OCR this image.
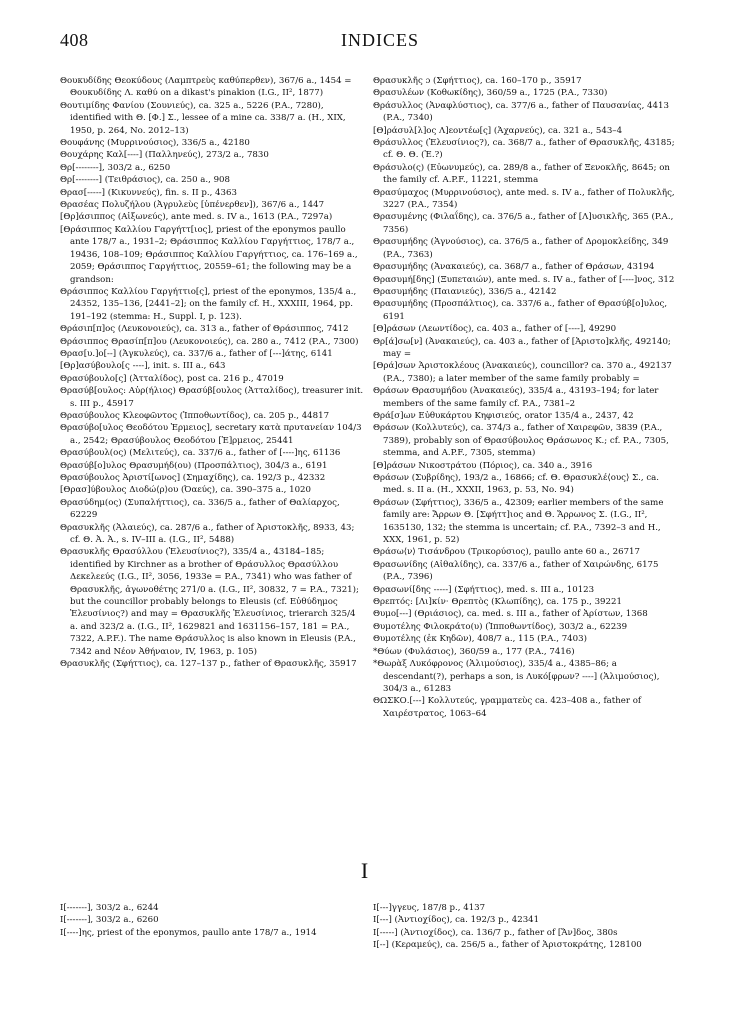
408	INDICES

Θουκυδίδης Θεοκύδους (Λαμπτρεὺς καθύπερθεν), 367/6 a., 1454 = Θουκυδίδης Λ. καθύ on a dikast's pinakion (I.G., II², 1877)

Θουτιμίδης Φανίου (Σουνιεύς), ca. 325 a., 5226 (P.A., 7280), identified with Θ. [Φ.] Σ., lessee of a mine ca. 338/7 a. (H., XIX, 1950, p. 264, No. 2012–13)

Θουφάνης (Μυρρινούσιος), 336/5 a., 42180

Θουχάρης Καλ[----] (Παλληνεύς), 273/2 a., 7830

Θρ[--------], 303/2 a., 6250

Θρ[--------] (Τειθράσιος), ca. 250 a., 908

Θρασ[-----] (Κικυννεύς), fin. s. II p., 4363

Θρασέας Πολυζήλου (Ἀγρυλεὺς [ὑπένερθεν]), 367/6 a., 1447

[Θρ]άσιππος (Αἰξωνεύς), ante med. s. IV a., 1613 (P.A., 7297a)

[Θράσιππος Καλλίου Γαργήττ[ιος], priest of the eponymos paullo ante 178/7 a., 1931–2; Θράσιππος Καλλίου Γαργήττιος, 178/7 a., 19436, 108–109; Θράσιππος Καλλίου Γαργήττιος, ca. 176–169 a., 2059; Θράσιππος Γαργήττιος, 20559–61; the following may be a grandson:

Θράσιππος Καλλίου Γαργήττιο[ς], priest of the eponymos, 135/4 a., 24352, 135–136, [2441–2]; on the family cf. H., XXXIII, 1964, pp. 191–192 (stemma: H., Suppl. I, p. 123).

Θράσιπ[π]ος (Λευκονοιεύς), ca. 313 a., father of Θράσιππος, 7412

Θράσιππος Θρασίπ[π]ου (Λευκονοιεύς), ca. 280 a., 7412 (P.A., 7300)

Θρασ[υ.]ο[--] (Ἀγκυλεύς), ca. 337/6 a., father of [---]άτης, 6141

[Θρ]ασύβουλο[ς ----], init. s. III a., 643

Θρασύβουλο[ς] (Ἀτταλίδος), post ca. 216 p., 47019

Θρασύβ[ουλος: Αὐρ(ήλιος) Θρασύβ[ουλος (Ἀτταλίδος), treasurer init. s. III p., 45917

Θρασύβουλος Κλεοφῶντος (Ἱπποθωντίδος), ca. 205 p., 44817

Θρασύβο[υλος Θεοδότου Ἑρμειος], secretary κατὰ πρυτανείαν 104/3 a., 2542; Θρασύβουλος Θεοδότου [Ἑ]ρμειος, 25441

Θρασύβουλ(ος) (Μελιτεύς), ca. 337/6 a., father of [----]ης, 61136

Θρασύβ[ο]υλος Θρασυμήδ(ου) (Προσπάλτιος), 304/3 a., 6191

Θρασύβουλος Ἀριστί[ωνος] (Σημαχίδης), ca. 192/3 p., 42332

[Θρασ]ύβουλος Διοδώ⟨ρ⟩ου (Ὀαεύς), ca. 390–375 a., 1020

Θρασύδημ(ος) (Συπαλήττιος), ca. 336/5 a., father of Θαλίαρχος, 62229

Θρασυκλῆς (Ἁλαιεύς), ca. 287/6 a., father of Ἀριστοκλῆς, 8933, 43; cf. Θ. Ἀ. Ἀ., s. IV–III a. (I.G., II², 5488)

Θρασυκλῆς Θρασύλλου (Ἐλευσίνιος?), 335/4 a., 43184–185; identified by Kirchner as a brother of Θράσυλλος Θρασύλλου Δεκελεεύς (I.G., II², 3056, 1933e = P.A., 7341) who was father of Θρασυκλῆς, ἀγωνοθέτης 271/0 a. (I.G., II², 30832, 7 = P.A., 7321); but the councillor probably belongs to Eleusis (cf. Εὐθύδημος Ἐλευσίνιος?) and may = Θρασυκλῆς Ἐλευσίνιος, trierarch 325/4 a. and 323/2 a. (I.G., II², 1629821 and 1631156–157, 181 = P.A., 7322, A.P.F.). The name Θράσυλλος is also known in Eleusis (P.A., 7342 and Νέον Ἀθήναιον, IV, 1963, p. 105)

Θρασυκλῆς (Σφήττιος), ca. 127–137 p., father of Θρασυκλῆς, 35917

Θρασυκλῆς ɔ (Σφήττιος), ca. 160–170 p., 35917

Θρασυλέων (Κοθωκίδης), 360/59 a., 1725 (P.A., 7330)

Θράσυλλος (Ἀναφλύστιος), ca. 377/6 a., father of Παυσανίας, 4413 (P.A., 7340)

[Θ]ράσυλ[λ]ος Λ]εοντέω[ς] (Ἀχαρνεύς), ca. 321 a., 543–4

Θράσυλλος (Ἐλευσίνιος?), ca. 368/7 a., father of Θρασυκλῆς, 43185; cf. Θ. Θ. (Ἐ.?)

Θράσυλο(ς) (Εὐωνυμεύς), ca. 289/8 a., father of Ξενοκλῆς, 8645; on the family cf. A.P.F., 11221, stemma

Θρασύμαχος (Μυρρινούσιος), ante med. s. IV a., father of Πολυκλῆς, 3227 (P.A., 7354)

Θρασυμένης (Φιλαΐδης), ca. 376/5 a., father of [Λ]υσικλῆς, 365 (P.A., 7356)

Θρασυμήδης (Ἁγνούσιος), ca. 376/5 a., father of Δρομοκλείδης, 349 (P.A., 7363)

Θρασυμήδης (Ἀνακαιεύς), ca. 368/7 a., father of Θράσων, 43194

Θρασυμή[δης] (Ξυπεταιών), ante med. s. IV a., father of [----]νος, 312

Θρασυμήδης (Παιανιεύς), 336/5 a., 42142

Θρασυμήδης (Προσπάλτιος), ca. 337/6 a., father of Θρασύβ[ο]υλος, 6191

[Θ]ράσων (Λεωντίδος), ca. 403 a., father of [----], 49290

Θρ[ά]σω[ν] (Ἀνακαιεύς), ca. 403 a., father of [Ἀριστο]κλῆς, 492140; may =

[Θρά]σων Ἀριστοκλέους (Ἀνακαιεύς), councillor? ca. 370 a., 492137 (P.A., 7380); a later member of the same family probably =

Θράσων Θρασυμήδου (Ἀνακαιεύς), 335/4 a., 43193–194; for later members of the same family cf. P.A., 7381–2

Θρά[σ]ων Εὐθυκάρτου Κηφισιεύς, orator 135/4 a., 2437, 42

Θράσων (Κολλυτεύς), ca. 374/3 a., father of Χαιρεφῶν, 3839 (P.A., 7389), probably son of Θρασύβουλος Θράσωνος Κ.; cf. P.A., 7305, stemma, and A.P.F., 7305, stemma)

[Θ]ράσων Νικοστράτου (Πόριος), ca. 340 a., 3916

Θράσων (Συβρίδης), 193/2 a., 16866; cf. Θ. Θρασυκλέ⟨ους⟩ Σ., ca. med. s. II a. (H., XXXII, 1963, p. 53, No. 94)

Θράσων (Σφήττιος), 336/5 a., 42309; earlier members of the same family are: Ἄρρων Θ. [Σφήττ]ιος and Θ. Ἄρρωνος Σ. (I.G., II², 1635130, 132; the stemma is uncertain; cf. P.A., 7392–3 and H., XXX, 1961, p. 52)

Θράσω⟨ν⟩ Τισάνδρου (Τρικορύσιος), paullo ante 60 a., 26717

Θρασωνίδης (Αἰθαλίδης), ca. 337/6 a., father of Χαιρώνδης, 6175 (P.A., 7396)

Θρασωνί[δης -----] (Σφήττιος), med. s. III a., 10123

Θρεπτός: [Λι]κίν⋅ Θρεπτὸς (Κλωπίδης), ca. 175 p., 39221

Θυμο[---] (Θριάσιος), ca. med. s. III a., father of Ἀρίστων, 1368

Θυμοτέλης Φιλοκράτο(υ) (Ἱπποθωντίδος), 303/2 a., 62239

Θυμοτέλης (ἐκ Κηδῶν), 408/7 a., 115 (P.A., 7403)

*Θύων (Φυλάσιος), 360/59 a., 177 (P.A., 7416)

*Θωρὰξ Λυκόφρονος (Ἁλιμούσιος), 335/4 a., 4385–86; a descendant(?), perhaps a son, is Λυκό[φρων? ----] (Ἁλιμούσιος), 304/3 a., 61283

ΘΩΣΚΟ.[---] Κολλυτεύς, γραμματεὺς ca. 423–408 a., father of Χαιρέστρατος, 1063–64

I

I[-------], 303/2 a., 6244

I[-------], 303/2 a., 6260

I[----]ης, priest of the eponymos, paullo ante 178/7 a., 1914

I[---]γγευς, 187/8 p., 4137

I[---] (Ἀντιοχίδος), ca. 192/3 p., 42341

I[-----] (Ἀντιοχίδος), ca. 136/7 p., father of [Ἄν]δος, 380s

I[--] (Κεραμεύς), ca. 256/5 a., father of Ἀριστοκράτης, 128100
